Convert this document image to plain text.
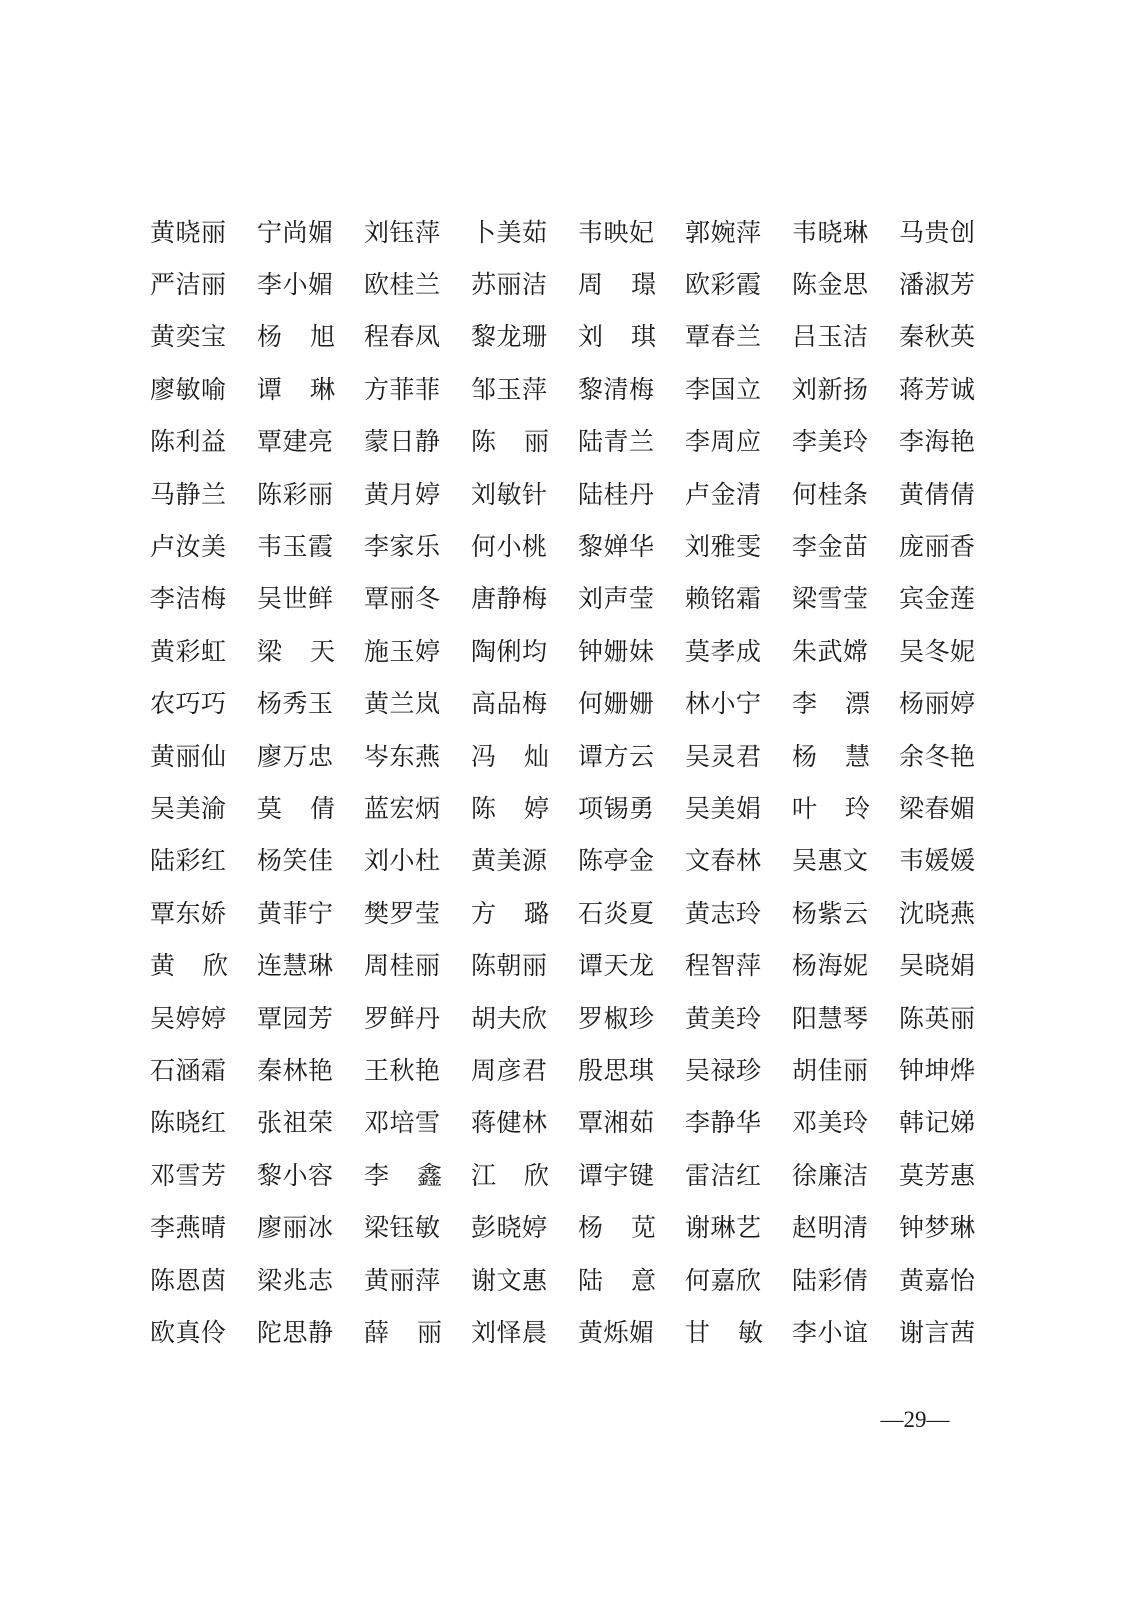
黄晓丽 宁尚媚 刘钰萍 卜美茹 韦映妃 郭婉萍 韦晓琳 马贵创
严洁丽 李小媚 欧桂兰 苏丽洁 周 璟 欧彩霞 陈金思 潘淑芳
黄奕宝 杨 旭 程春凤 黎龙珊 刘 琪 覃春兰 吕玉洁 秦秋英
廖敏喻 谭 琳 方菲菲 邹玉萍 黎清梅 李国立 刘新扬 蒋芳诚
陈利益 覃建亮 蒙日静 陈 丽 陆青兰 李周应 李美玲 李海艳
马静兰 陈彩丽 黄月婷 刘敏针 陆桂丹 卢金清 何桂条 黄倩倩
卢汝美 韦玉霞 李家乐 何小桃 黎婵华 刘雅雯 李金苗 庞丽香
李洁梅 吴世鲜 覃丽冬 唐静梅 刘声莹 赖铭霜 梁雪莹 宾金莲
黄彩虹 梁 天 施玉婷 陶俐均 钟姗妹 莫孝成 朱武嫦 吴冬妮
农巧巧 杨秀玉 黄兰岚 高品梅 何姗姗 林小宁 李 漂 杨丽婷
黄丽仙 廖万忠 岑东燕 冯 灿 谭方云 吴灵君 杨 慧 余冬艳
吴美渝 莫 倩 蓝宏炳 陈 婷 项锡勇 吴美娟 叶 玲 梁春媚
陆彩红 杨笑佳 刘小杜 黄美源 陈亭金 文春林 吴惠文 韦媛媛
覃东娇 黄菲宁 樊罗莹 方 璐 石炎夏 黄志玲 杨紫云 沈晓燕
黄 欣 连慧琳 周桂丽 陈朝丽 谭天龙 程智萍 杨海妮 吴晓娟
吴婷婷 覃园芳 罗鲜丹 胡夫欣 罗椒珍 黄美玲 阳慧琴 陈英丽
石涵霜 秦林艳 王秋艳 周彦君 殷思琪 吴禄珍 胡佳丽 钟坤烨
陈晓红 张祖荣 邓培雪 蒋健林 覃湘茹 李静华 邓美玲 韩记娣
邓雪芳 黎小容 李 鑫 江 欣 谭宇键 雷洁红 徐廉洁 莫芳惠
李燕晴 廖丽冰 梁钰敏 彭晓婷 杨 苋 谢琳艺 赵明清 钟梦琳
陈恩茵 梁兆志 黄丽萍 谢文惠 陆 意 何嘉欣 陆彩倩 黄嘉怡
欧真伶 陀思静 薛 丽 刘怿晨 黄烁媚 甘 敏 李小谊 谢言茜
—29—
